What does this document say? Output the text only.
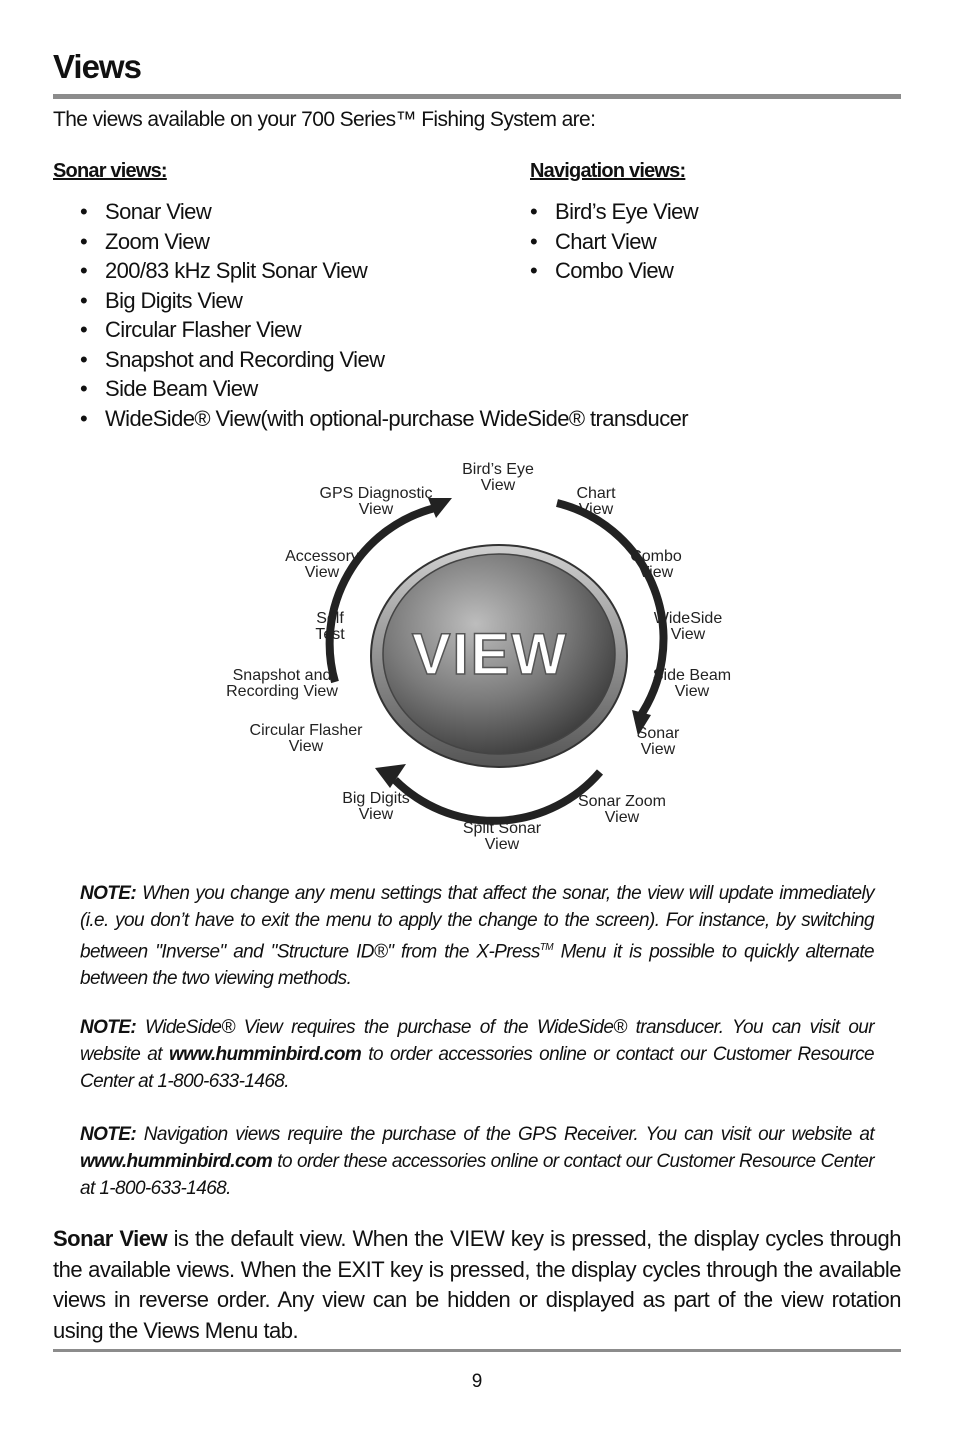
Views
The views available on your 700 Series™ Fishing System are:
Sonar views:
• Sonar View
• Zoom View
• 200/83 kHz Split Sonar View
• Big Digits View
• Circular Flasher View
• Snapshot and Recording View
• Side Beam View
• WideSide® View(with optional-purchase WideSide® transducer
Navigation views:
• Bird’s Eye View
• Chart View
• Combo View
VIEW
Bird’s Eye
View	Chart
View
Combo
View
WideSide
View
Side Beam
View
Sonar
View
Sonar Zoom
View
Split Sonar
View
Big Digits
View
Circular Flasher
View
Snapshot and
Recording View
Self
Test
Accessory
View
GPS Diagnostic
View

NOTE: When you change any menu settings that affect the sonar, the view will update immediately (i.e. you don’t have to exit the menu to apply the change to the screen). For instance, by switching between "Inverse" and "Structure ID®" from the X-Press™ Menu it is possible to quickly alternate between the two viewing methods.

NOTE: WideSide® View requires the purchase of the WideSide® transducer. You can visit our website at www.humminbird.com to order accessories online or contact our Customer Resource Center at 1-800-633-1468.

NOTE: Navigation views require the purchase of the GPS Receiver. You can visit our website at www.humminbird.com to order these accessories online or contact our Customer Resource Center at 1-800-633-1468.

Sonar View is the default view. When the VIEW key is pressed, the display cycles through the available views. When the EXIT key is pressed, the display cycles through the available views in reverse order. Any view can be hidden or displayed as part of the view rotation using the Views Menu tab.

9
